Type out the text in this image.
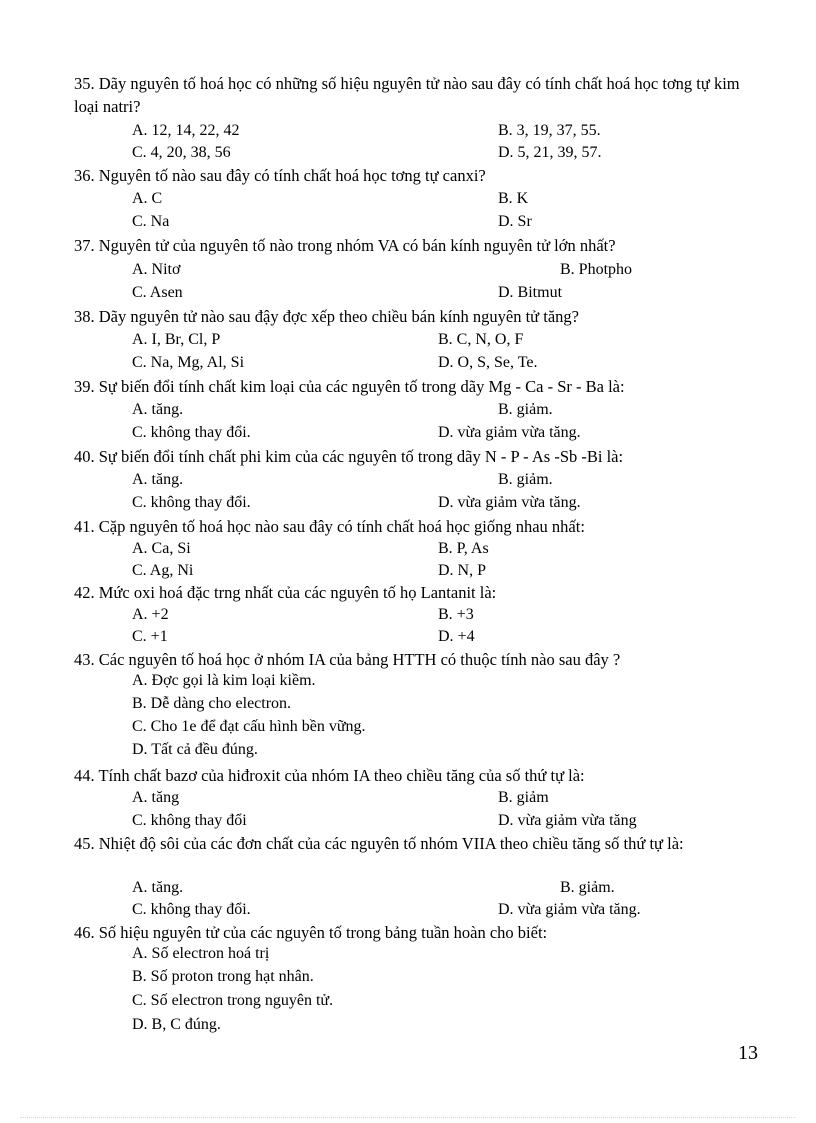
35. Dãy nguyên tố hoá học có những số hiệu nguyên tử nào sau đây có tính chất hoá học tơng tự kim loại natri?
A. 12, 14, 22, 42	B. 3, 19, 37, 55.
C. 4, 20, 38, 56	D. 5, 21, 39, 57.
36. Nguyên tố nào sau đây có tính chất hoá học tơng tự canxi?
A. C	B. K
C. Na	D. Sr
37. Nguyên tử của nguyên tố nào trong nhóm VA có bán kính nguyên tử lớn nhất?
A. Nitơ	B. Photpho
C. Asen	D. Bitmut
38. Dãy nguyên tử nào sau đậy đợc xếp theo chiều bán kính nguyên tử tăng?
A. I, Br, Cl, P	B. C, N, O, F
C. Na, Mg, Al, Si	D. O, S, Se, Te.
39. Sự biến đổi tính chất kim loại của các nguyên tố trong dãy Mg - Ca - Sr - Ba là:
A. tăng.	B. giảm.
C. không thay đổi.	D. vừa giảm vừa tăng.
40. Sự biến đổi tính chất phi kim của các nguyên tố trong dãy N - P - As -Sb -Bi là:
A. tăng.	B. giảm.
C. không thay đổi.	D. vừa giảm vừa tăng.
41. Cặp nguyên tố hoá học nào sau đây có tính chất hoá học giống nhau nhất:
A. Ca, Si	B. P, As
C. Ag, Ni	D. N, P
42. Mức oxi hoá đặc trng nhất của các nguyên tố họ Lantanit là:
A. +2	B. +3
C. +1	D. +4
43. Các nguyên tố hoá học ở nhóm IA của bảng HTTH có thuộc tính nào sau đây ?
A. Đợc gọi là kim loại kiềm.
B. Dễ dàng cho electron.
C. Cho 1e để đạt cấu hình bền vững.
D. Tất cả đều đúng.
44. Tính chất bazơ của hiđroxit của nhóm IA theo chiều tăng của số thứ tự là:
A. tăng	B. giảm
C. không thay đổi	D. vừa giảm vừa tăng
45. Nhiệt độ sôi của các đơn chất của các nguyên tố nhóm VIIA theo chiều tăng số thứ tự là:
A. tăng.	B. giảm.
C. không thay đổi.	D. vừa giảm vừa tăng.
46. Số hiệu nguyên tử của các nguyên tố trong bảng tuần hoàn cho biết:
A. Số electron hoá trị
B. Số proton trong hạt nhân.
C. Số electron trong nguyên tử.
D. B, C đúng.
13
